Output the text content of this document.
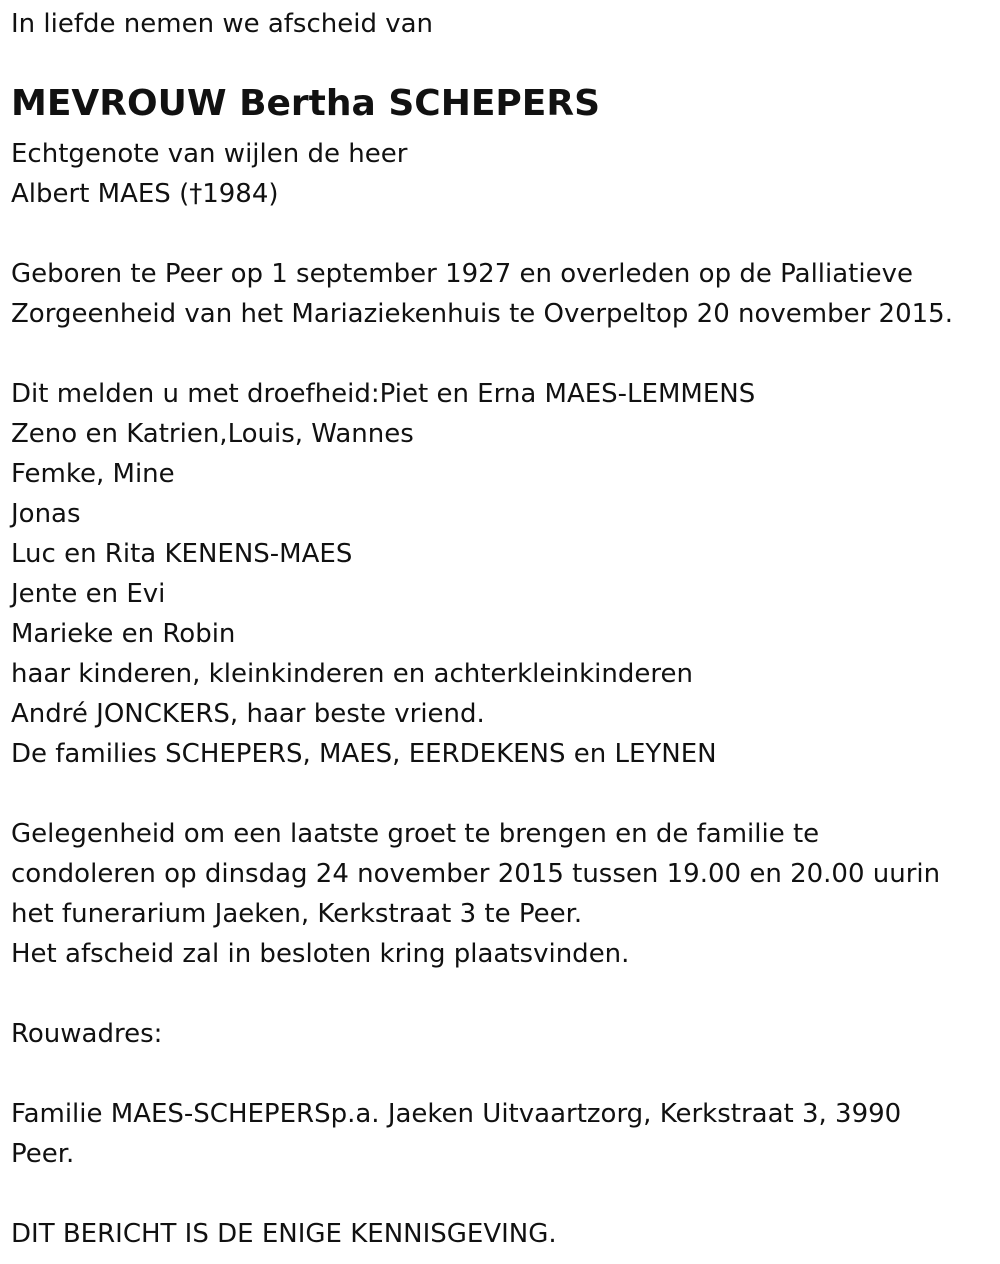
In liefde nemen we afscheid van
MEVROUW Bertha SCHEPERS
Echtgenote van wijlen de heer
Albert MAES (†1984)
Geboren te Peer op 1 september 1927 en overleden op de Palliatieve
Zorgeenheid van het Mariaziekenhuis te Overpeltop 20 november 2015.
Dit melden u met droefheid:Piet en Erna MAES-LEMMENS
Zeno en Katrien,Louis, Wannes
Femke, Mine
Jonas
Luc en Rita KENENS-MAES
Jente en Evi
Marieke en Robin
haar kinderen, kleinkinderen en achterkleinkinderen
André JONCKERS, haar beste vriend.
De families SCHEPERS, MAES, EERDEKENS en LEYNEN
Gelegenheid om een laatste groet te brengen en de familie te
condoleren op dinsdag 24 november 2015 tussen 19.00 en 20.00 uurin
het funerarium Jaeken, Kerkstraat 3 te Peer.
Het afscheid zal in besloten kring plaatsvinden.
Rouwadres:
Familie MAES-SCHEPERSp.a. Jaeken Uitvaartzorg, Kerkstraat 3, 3990
Peer.
DIT BERICHT IS DE ENIGE KENNISGEVING.
